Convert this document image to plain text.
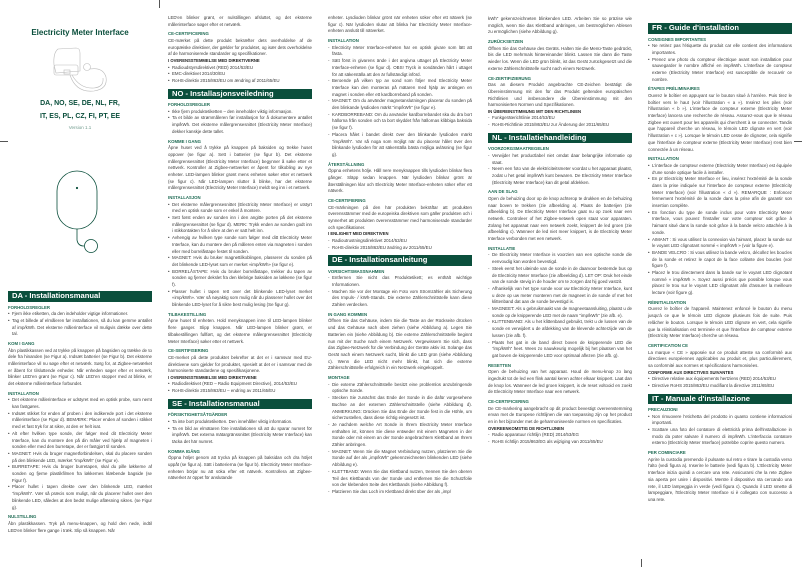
Electricity Meter Interface
DA, NO, SE, DE, NL, FR,
IT, ES, PL, CZ, FI, PT, EE
Version 1.1
DA - Installationsmanual
FORHOLDSREGLER
• Fjern ikke etiketten, da den indeholder vigtige informationer.
• Tag et billede af elmåleren før installationen, så du kan gemme antallet af imp/kWh. Det eksterne målerinterface vil muligvis dække over dette tal.
KOM I GANG
Åbn plastikkassen ved at trykke på knappen på bagsiden og trække de to dele fra hinanden (se Figur a). Indsæt batterier (se Figur b). Det eksterne målerinterface vil nu søge efter et netværk. Sørg for, at Zigbee-netværket er åbent for tilsluttende enheder. Når enheden søger efter et netværk, blinker LED'en grønt (se Figur c). Når LED'en stopper med at blinke, er det eksterne målerinterface forbundet.
INSTALLATION
• Det eksterne målerinterface er udstyret med en optisk probe, som nemt kan fastgøres.
• Indsæt stikket for enden af proben i den indikerede port i det eksterne målerinterface (se Figur d). BEMÆRK: Placer enden af sonden i stikket med et fast tryk for at sikre, at den er helt isat.
• Alt efter hvilken type sonde, der følger med dit Electricity Meter Interface, kan du montere den på din måler ved hjælp af magneten i sonden eller med den burretape, der er fastgjort til sonden.
• MAGNET: Hvis du bruger magnetforbindelsen, skal du placere sonden på den blinkende LED, mærket "imp/kWh" (se Figur e).
• BURRETAPE: Hvis du bruger burretapen, skal du pille løkkerne af sonden og fjerne plastikfilmen fra løkkernes klæbende bagside (se Figur f).
• Placer hullet i tapen direkte over den blinkende LED, mærket "imp/kWh". Vær så præcis som muligt, når du placerer hullet over den blinkende LED, således at den bedst mulige aflæsning sikres. (se Figur g).
NULSTILLING
Åbn plastikkassen. Tryk på menu-knappen, og hold den nede, indtil LED'en blinker flere gange i træk. Slip så knappen. Når
LED'en blinker grønt, er nulstillingen afsluttet, og det eksterne målerinterface søger efter et netværk.
CE-CERTIFICERING
CE-mærket på dette produkt bekræfter dets overholdelse af de europæiske direktiver, der gælder for produktet, og især dets overholdelse af de harmoniserede standarder og specifikationer.
I OVERENSSTEMMELSE MED DIREKTIVERNE
• Radioudstyrsdirektivet (RED) 2014/53/EU
• EMC-direktivet 2014/30/EU
• RoHS-direktiv 2015/863/EU om ændring af 2011/65/EU
NO - Installasjonsveiledning
FORHOLDSREGLER
• Ikke fjern produktetiketten – den inneholder viktig informasjon.
• Ta et bilde av strømmåleren før installasjon for å dokumentere antallet imp/kWh. Det eksterne målergrensesnittet (Electricity Meter Interface) dekker kanskje dette tallet.
KOMME I GANG
Åpne huset ved å trykke på knappen på baksiden og trekke huset oppover (se figur a). Sett i batterier (se figur b). Det eksterne målergrensesnittet (Electricity Meter Interface) begynner å søke etter et nettverk. Kontroller at Zigbee-nettverket er åpent for tilkobling av nye enheter. LED-lampen blinker grønt mens enheten søker etter et nettverk (se figur c). Når LED-lampen slutter å blinke, har det eksterne målergrensesnittet (Electricity Meter Interface) meldt seg inn i et nettverk.
INSTALLASJON
• Det eksterne målergrensesnittet (Electricity Meter Interface) er utstyrt med en optisk sonde som er enkel å montere.
• Sett først enden av sonden inn i den angitte porten på det eksterne målergrensesnittet (se figur d). MERK: Trykk enden av sonden godt inn i stikkontakten for å sikre at den er satt helt inn.
• Avhengig av hvilken type sonde som følger med ditt Electricity Meter Interface, kan du montere den på måleren enten via magneten i sonden eller med borrelåstape festet til sonden.
• MAGNET: Hvis du bruker magnettilkoblingen, plasserer du sonden på det blinkende LED-lyset som er merket «imp/kWh» (se figur e).
• BORRELÅSTAPE: Hvis du bruker borrelåstape, trekker du tapen av sonden og fjerner dekslet fra den klebrige baksiden av løkkene (se figur f).
• Plasser hullet i tapen rett over det blinkende LED-lyset merket «imp/kWh». Vær så nøyaktig som mulig når du plasserer hullet over det blinkende LED-lyset for å sikre best mulig lesing (Se figur g).
TILBAKESTILLING
Åpne huset til enheten. Hold menyknappen inne til LED-lampen blinker flere ganger. Slipp knappen. Når LED-lampen blinker grønt, er tilbakestillingen fullført, og det eksterne målergrensesnittet (Electricity Meter Interface) søker etter et nettverk.
CE-SERTIFISERING
CE-merket på dette produktet bekrefter at det er i samsvar med EU-direktivene som gjelder for produktet, spesielt at det er i samsvar med de harmoniserte standardene og spesifikasjonene.
I OVERENSSTEMMELSE MED DIREKTIVENE
• Radiodirektivet (RED – Radio Equipment Directive), 2014/53/EU
• RoHS-direktiv 2015/863/EU – endring av 2011/65/EU
SE - Installationsmanual
FÖRSIKTIGHETSÅTGÄRDER
• Ta inte bort produktetiketten. Den innehåller viktig information.
• Ta en bild av elmätaren före installationen så att du sparar numret för imp/kWh. Det externa mätargränssnittet (Electricity Meter Interface) kan täcka det här numret.
KOMMA IGÅNG
Öppna höljet genom att trycka på knappen på baksidan och dra höljet uppåt (se figur a). Sätt i batterierna (se figur b). Electricity Meter Interface-enheten börjar nu att söka efter ett nätverk. Kontrollera att Zigbee-nätverket är öppet för anslutande
enheter. Lysdioden blinkar grönt när enheten söker efter ett nätverk (se figur c). När lysdioden slutar att blinka har Electricity Meter Interface-enheten anslutit till nätverket.
INSTALLATION
- Electricity Meter Interface-enheten har en optisk givare som lätt att fästa.
- Sätt först in givarens ände i det angivna uttaget på Electricity Meter Interface-enheten (se figur d). OBS! Tryck in sondänden hårt i uttaget för att säkerställa att den är fullständigt införd.
- Beroende på vilken typ av sond som följer med Electricity Meter Interface kan den monteras på mätaren med hjälp av antingen en magnet i sonden eller ett kardborreband på sonden.
- MAGNET: Om du använder magnetanslutningen placerar du sonden på den blinkande lysdioden märkt "imp/kWh" (se figur e).
- KARDBORREBAND: Om du använder kardborrebandet ska du dra bort hällorna från sonden och ta bort skyddet från hällornas klibbiga baksida (se figur f).
- Placera hålet i bandet direkt över den blinkande lysdioden märkt "imp/kWh". Var så noga som möjligt när du placerar hålet över den blinkande lysdioden för att säkerställa bästa möjliga avläsning (se figur g).
ÅTERSTÄLLNING
Öppna enhetens hölje. Håll nere menyknappen tills lysdioden blinkar flera gånger. Släpp sedan knappen. När lysdioden blinkar grönt är återställningen klar och Electricity Meter Interface-enheten söker efter ett nätverk.
CE-CERTIFIERING
CE-märkningen på den här produkten bekräftar att produkten överensstämmer med de europeiska direktiven som gäller produkten och i synnerhet att produkten överensstämmer med harmoniserade standarder och specifikationer.
I ENLIGHET MED DIREKTIVEN
- Radioutrustningsdirektivet 2014/53/EU
- RoHS-direktiv 2015/863/EU ändring av 2011/65/EU
DE - Installationsanleitung
VORSICHTSMASSNAHMEN
- Entfernen Sie nicht das Produktetikett; es enthält wichtige Informationen.
- Machen Sie vor der Montage ein Foto vom Stromzähler als Sicherung des Impuls- / kWh-Stands. Die externe Zählerschnittstelle kann diese Zahlen verdecken.
IN GANG KOMMEN
Öffnen Sie das Gehäuse, indem Sie die Taste an der Rückseite drücken und das Gehäuse nach oben ziehen (siehe Abbildung a). Legen Sie Batterien ein (siehe Abbildung b). Die externe Zählerschnittstelle beginnt nun mit der Suche nach einem Netzwerk. Vergewissern Sie sich, dass das Zigbee-Netzwerk für die Verbindung der Geräte aktiv ist. Solange das Gerät nach einem Netzwerk sucht, blinkt die LED grün (siehe Abbildung c). Wenn die LED nicht mehr blinkt, hat sich die externe Zählerschnittstelle erfolgreich in ein Netzwerk eingekoppelt.
MONTAGE
- Die externe Zählerschnittstelle besitzt eine problemlos anzubringende optische Sonde.
- Stecken Sie zunächst das Ende der Sonde in die dafür vorgesehene Buchse an der externen Zählerschnittstelle (siehe Abbildung d). ANMERKUNG: Drücken Sie das Ende der Sonde fest in die Höhle, um sicherzustellen, dass diese richtig eingesetzt ist.
- Je nachdem welche Art Sonde in Ihrem Electricity Meter Interface enthalten ist, können Sie diese entweder mit einem Magneten in der Sonde oder mit einem an der Sonde angebrachtem Klettband an Ihrem Zähler anbringen.
- MAGNET: Wenn Sie die Magnet Verbindung nutzen, platzieren Sie die Sonde auf der als „imp/kWh" gekennzeichneten blinkenden LED (siehe Abbildung e).
- KLETTBAND: Wenn Sie das Klettband nutzen, trennen Sie den oberen Teil des Klettbands von der Sonde und entfernen Sie die Schutzfolie von der klebenden Seite des Klettbands (siehe Abbildung f).
- Platzieren Sie das Loch im Klettband direkt über der als „imp/
kWh" gekennzeichneten blinkenden LED. Arbeiten Sie so präzise wie möglich, wenn Sie das Klettband anbringen, um bestmöglichen Ablesen zu ermöglichen (siehe Abbildung g).
ZURÜCKSETZEN
Öffnen Sie das Gehäuse des Geräts. Halten Sie die Menü-Taste gedrückt, bis die LED mehrmals hintereinander blinkt. Lassen Sie dann die Taste wieder los. Wenn die LED grün blinkt, ist das Gerät zurückgesetzt und die externe Zählerschnittstelle sucht nach einem Netzwerk.
CE-ZERTIFIZIERUNG
Das an diesem Produkt angebrachte CE-Zeichen bestätigt die Übereinstimmung mit den für das Produkt geltenden europäischen Richtlinien und insbesondere die Übereinstimmung mit den harmonisierten Normen und Spezifikationen.
IN ÜBEREINSTIMMUNG MIT DEN RICHTLINIEN
- Funkgeräterichtlinie 2014/53/EU
- RoHS-Richtlinie 2015/863/EU zur Änderung der 2011/65/EU
NL - Installatiehandleiding
VOORZORGSMAATREGELEN
- Verwijder het productlabel niet omdat daar belangrijke informatie op staat.
- Neem een foto van de elektriciteitsmeter voordat u het apparaat plaatst, zodat u het getal imp/kWh kunt bewaren. De Electricity Meter Interface (Electricity Meter Interface) kan dit getal afdekken.
AAN DE SLAG
Open de behuizing door op de knop achterop te drukken en de behuizing naar boven te trekken (zie afbeelding a). Plaats de batterijen (zie afbeelding b). De Electricity Meter Interface gaat nu op zoek naar een netwerk. Controleer of het Zigbee-netwerk open staat voor apparaten. Zolang het apparaat naar een netwerk zoekt, knippert de led groen (zie afbeelding c). Wanneer de led niet meer knippert, is de Electricity Meter Interface verbonden met een netwerk.
INSTALLATIE
- De Electricity Meter Interface is voorzien van een optische sonde die eenvoudig kan worden bevestigd.
- Steek eerst het uiteinde van de sonde in de daarvoor bestemde bus op de Electricity Meter Interface (zie afbeelding d). LET OP: Druk het einde van de sonde stevig in de houder om te zorgen dat hij goed vastzit.
- Afhankelijk van het type sonde voor uw Electricity Meter Interface, kunt u deze op uw meter monteren met de magneet in de sonde of met het klittenband dat aan de sonde bevestigd is.
- MAGNEET: Als u gebruikmaakt van de magneetaansluiting, plaatst u de sonde op de knipperende LED met de naam "imp/kWh" (zie afb. e).
- KLITTENBAND: Als u het klittenband gebruikt, trekt u de lussen van de sonde en verwijdert u de afdekking van de klevende achterzijde van de lussen (zie afb. f).
- Plaats het gat in de band direct boven de knipperende LED die "imp/kWh" heet. Wees zo nauwkeurig mogelijk bij het plaatsen van het gat boven de knipperende LED voor optimaal aflezen (zie afb. g).
RESETTEN
Open de behuizing van het apparaat. Houd de menu-knop zo lang ingedrukt tot de led een flink aantal keren achter elkaar knippert. Laat dan de knop los. Wanneer de led groen knippert, is de reset voltooid en zoekt de Electricity Meter Interface naar een netwerk.
CE-CERTIFICERING
De CE-markering aangebracht op dit product bevestigt overeenstemming ervan met de Europese richtlijnen die van toepassing zijn op het product en in het bijzonder met de geharmoniseerde normen en specificaties.
OVEREENKOMSTIG DE RICHTLIJNEN
- Radio apparatuur richtlijn (RED) 2014/53/EG
- RoHS richtlijn 2015/863/EG als wijziging van 2011/65/EU
FR - Guide d'installation
CONSIGNES IMPORTANTES
• Ne retirez pas l'étiquette du produit car elle contient des informations importantes.
• Prenez une photo du compteur électrique avant son installation pour sauvegarder le nombre affiché en imp/kWh. L'interface de compteur externe (Electricity Meter Interface) est susceptible de recouvrir ce nombre.
ÉTAPES PRÉLIMINAIRES
Ouvrez le boîtier en appuyant sur le bouton situé à l'arrière. Puis tirez le boîtier vers le haut (voir l'illustration « a »). Insérez les piles (voir l'illustration « b »). L'interface de compteur externe (Electricity Meter Interface) lancera une recherche de réseau. Assurez-vous que le réseau Zigbee est ouvert pour les appareils qui cherchent à se connecter. Tandis que l'appareil cherche un réseau, le témoin LED clignote en vert (voir l'illustration « c »). Lorsque le témoin LED cesse de clignoter, cela signifie que l'interface de compteur externe (Electricity Meter Interface) s'est bien connectée à un réseau.
INSTALLATION
• L'interface de compteur externe (Electricity Meter Interface) est équipée d'une sonde optique facile à installer.
• En pr Electricity Meter Interface er lieu, insérez l'extrémité de la sonde dans la prise indiquée sur l'interface de compteur externe (Electricity Meter Interface) (voir l'illustration « d »). REMARQUE : Enfoncez fermement l'extrémité de la sonde dans la prise afin de garantir son insertion complète.
• En fonction du type de sonde inclus pour votre Electricity Meter Interface, vous pouvez l'installer sur votre compteur soit grâce à l'aimant situé dans la sonde soit grâce à la bande velcro attachée à la sonde.
• AIMANT : Si vous utilisez la connexion via l'aimant, placez la sonde sur le voyant LED clignotant nommé « imp/kWh » (voir la figure e).
• BANDE VELCRO : Si vous utilisez la bande velcro, décollez les boucles de la sonde et retirez le capot de la face collante des boucles (voir figure f).
• Placez le trou directement dans la bande sur le voyant LED clignotant nommé « imp/kWh ». Soyez aussi précis que possible lorsque vous placez le trou sur le voyant LED clignotant afin d'assurer la meilleure lecture (voir figure g).
RÉINITIALISATION
Ouvrez le boîtier de l'appareil. Maintenez enfoncé le bouton du menu jusqu'à ce que le témoin LED clignote plusieurs fois de suite. Puis relâcher le bouton. Lorsque le témoin LED clignote en vert, cela signifie que la réinitialisation est terminée et que l'interface de compteur externe (Electricity Meter Interface) cherche un réseau.
CERTIFICATION CE
La marque « CE » apposée sur ce produit atteste sa conformité aux directives européennes applicables au produit et, plus particulièrement, sa conformité aux normes et spécifications harmonisées.
CONFORME AUX DIRECTIVES SUIVANTES
• Directive relative aux équipements hertziens (RED) 2014/53/EU
• Directive RoHS 2015/863/EU modifiant la directive 2011/65/EU
IT - Manuale d'installazione
PRECAUZIONI
• Non rimuovere l'etichetta del prodotto in quanto contiene informazioni importanti.
• Scattare una foto del contatore di elettricità prima dell'installazione in modo da poter salvare il numero di imp/kWh. L'interfaccia contatore esterno (Electricity Meter Interface) potrebbe coprire questo numero.
PER COMINCIARE
Aprire la custodia premendo il pulsante sul retro e tirare la custodia verso l'alto (vedi figura a). Inserire le batterie (vedi figura b). L'Electricity Meter Interface inizia quindi a cercare una rete. Assicurarsi che la rete Zigbee sia aperta per unire i dispositivi. Mentre il dispositivo sta cercando una rete, il LED lampeggia in verde (vedi figura c). Quando il LED smette di lampeggiare, l'Electricity Meter Interface si è collegato con successo a una rete.
